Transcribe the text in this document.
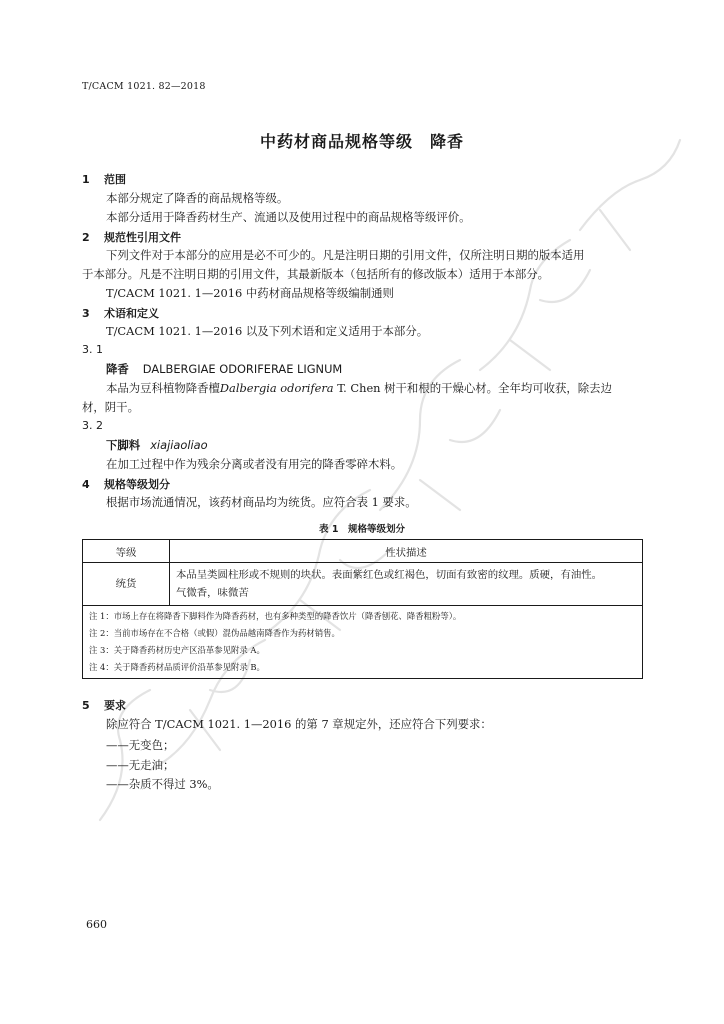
T/CACM 1021. 82—2018
中药材商品规格等级　降香
1 范围
本部分规定了降香的商品规格等级。
本部分适用于降香药材生产、流通以及使用过程中的商品规格等级评价。
2 规范性引用文件
下列文件对于本部分的应用是必不可少的。凡是注明日期的引用文件，仅所注明日期的版本适用
于本部分。凡是不注明日期的引用文件，其最新版本（包括所有的修改版本）适用于本部分。
T/CACM 1021. 1—2016 中药材商品规格等级编制通则
3 术语和定义
T/CACM 1021. 1—2016 以及下列术语和定义适用于本部分。
3. 1
降香 DALBERGIAE ODORIFERAE LIGNUM
本品为豆科植物降香檀Dalbergia odorifera T. Chen 树干和根的干燥心材。全年均可收获，除去边
材，阴干。
3. 2
下脚料 xiajiaoliao
在加工过程中作为残余分离或者没有用完的降香零碎木料。
4 规格等级划分
根据市场流通情况，该药材商品均为统货。应符合表 1 要求。
表 1　规格等级划分
等级	性状描述
统货	本品呈类圆柱形或不规则的块状。表面紫红色或红褐色，切面有致密的纹理。质硬，有油性。
气微香，味微苦

注 1：市场上存在将降香下脚料作为降香药材，也有多种类型的降香饮片（降香刨花、降香粗粉等）。
注 2：当前市场存在不合格（或假）混伪品越南降香作为药材销售。
注 3：关于降香药材历史产区沿革参见附录 A。
注 4：关于降香药材品质评价沿革参见附录 B。	
5 要求
除应符合 T/CACM 1021. 1—2016 的第 7 章规定外，还应符合下列要求：
——无变色；
——无走油；
——杂质不得过 3%。
660
